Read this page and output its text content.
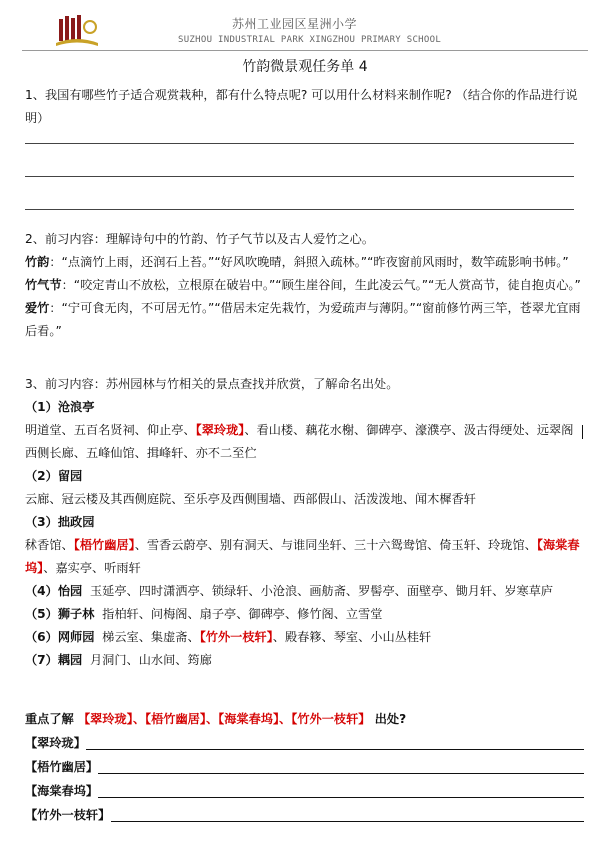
苏州工业园区星洲小学
SUZHOU INDUSTRIAL PARK XINGZHOU PRIMARY SCHOOL
竹韵微景观任务单 4
1、我国有哪些竹子适合观赏栽种，都有什么特点呢? 可以用什么材料来制作呢? （结合你的作品进行说明）
2、前习内容：理解诗句中的竹韵、竹子气节以及古人爱竹之心。
竹韵：“点滴竹上雨，还润石上苔。”“好风吹晚晴，斜照入疏林。”“昨夜窗前风雨时，数竿疏影响书帏。”
竹气节：“咬定青山不放松，立根原在破岩中。”“顾生崖谷间，生此凌云气。”“无人赏高节，徒自抱贞心。”
爱竹：“宁可食无肉，不可居无竹。”“借居未定先栽竹，为爱疏声与薄阴。”“窗前修竹两三竿，苍翠尤宜雨后看。”
3、前习内容：苏州园林与竹相关的景点查找并欣赏，了解命名出处。
（1）沧浪亭
明道堂、五百名贤祠、仰止亭、【翠玲珑】、看山楼、藕花水榭、御碑亭、濠濮亭、汲古得绠处、远翠阁
西侧长廊、五峰仙馆、揖峰轩、亦不二至伫
（2）留园
云廊、冠云楼及其西侧庭院、至乐亭及西侧围墙、西部假山、活泼泼地、闻木樨香轩
（3）拙政园
秫香馆、【梧竹幽居】、雪香云蔚亭、别有洞天、与谁同坐轩、三十六鸳鸯馆、倚玉轩、玲珑馆、【海棠春
坞】、嘉实亭、听雨轩
（4）怡园 玉延亭、四时潇洒亭、锁绿轩、小沧浪、画舫斋、罗髻亭、面壁亭、锄月轩、岁寒草庐
（5）狮子林 指柏轩、问梅阁、扇子亭、御碑亭、修竹阁、立雪堂
（6）网师园 梯云室、集虚斋、【竹外一枝轩】、殿春簃、琴室、小山丛桂轩
（7）耦园 月洞门、山水间、筠廊
重点了解 【翠玲珑】、【梧竹幽居】、【海棠春坞】、【竹外一枝轩】 出处?
【翠玲珑】
【梧竹幽居】
【海棠春坞】
【竹外一枝轩】
